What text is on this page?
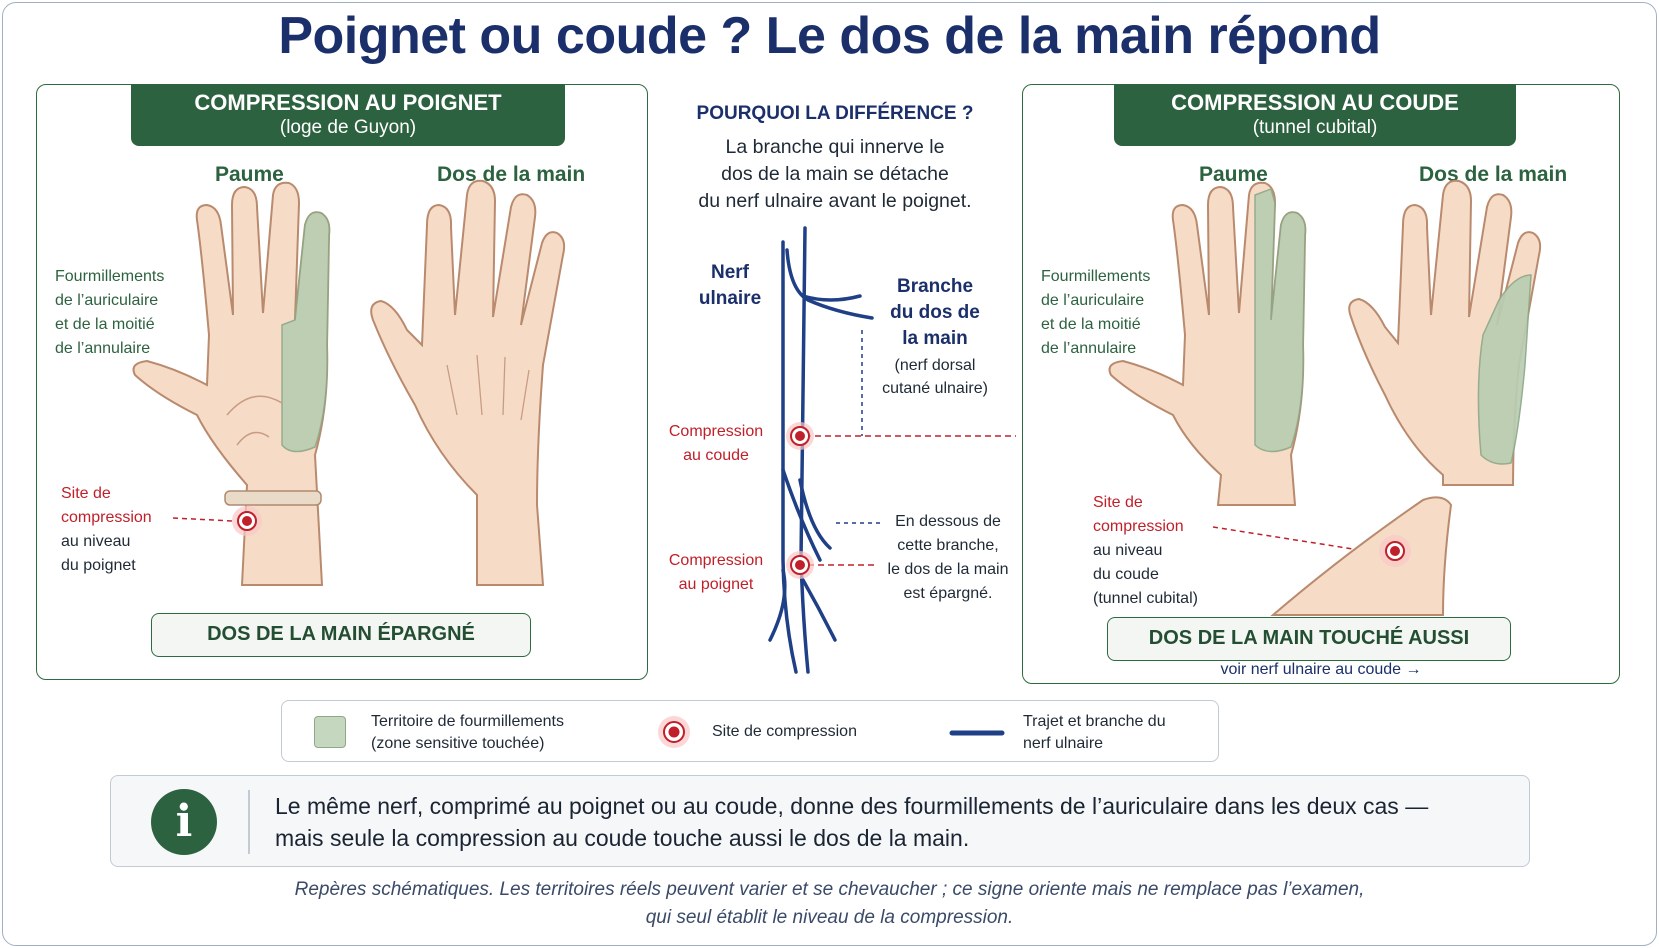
Poignet ou coude ? Le dos de la main répond
COMPRESSION AU POIGNET
(loge de Guyon)
Paume	Dos de la main
Fourmillements
de l’auriculaire
et de la moitié
de l’annulaire
Site de
compression
au niveau
du poignet
DOS DE LA MAIN ÉPARGNÉ
POURQUOI LA DIFFÉRENCE ?
La branche qui innerve le
dos de la main se détache
du nerf ulnaire avant le poignet.
Nerf
ulnaire
Branche
du dos de
la main
(nerf dorsal
cutané ulnaire)
Compression
au coude
Compression
au poignet
En dessous de
cette branche,
le dos de la main
est épargné.
COMPRESSION AU COUDE
(tunnel cubital)
Paume	Dos de la main
Fourmillements
de l’auriculaire
et de la moitié
de l’annulaire
Site de
compression
au niveau
du coude
(tunnel cubital)
DOS DE LA MAIN TOUCHÉ AUSSI
voir nerf ulnaire au coude →
Territoire de fourmillements
(zone sensitive touchée)
Site de compression
Trajet et branche du
nerf ulnaire
i	Le même nerf, comprimé au poignet ou au coude, donne des fourmillements de l’auriculaire dans les deux cas —
mais seule la compression au coude touche aussi le dos de la main.
Repères schématiques. Les territoires réels peuvent varier et se chevaucher ; ce signe oriente mais ne remplace pas l’examen,
qui seul établit le niveau de la compression.
